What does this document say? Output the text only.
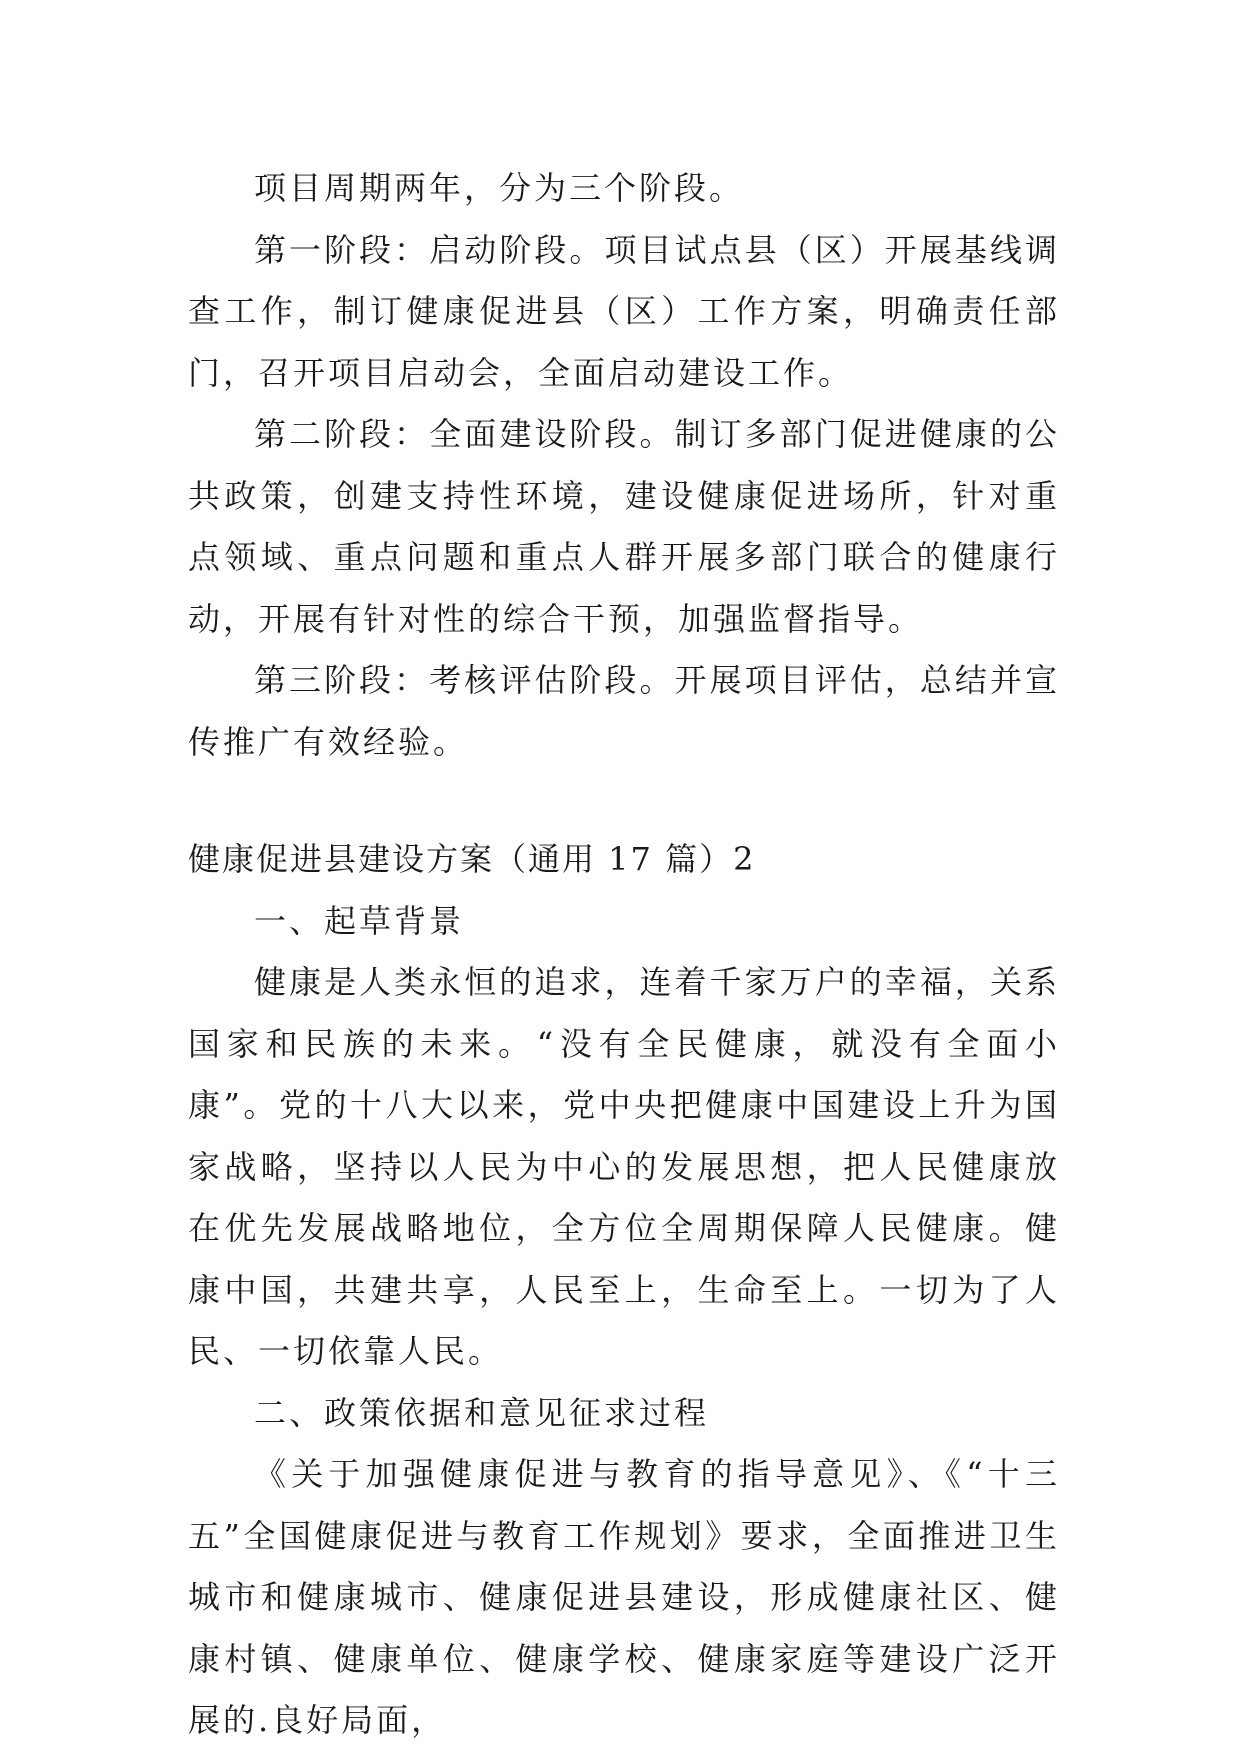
项目周期两年，分为三个阶段。

第一阶段：启动阶段。项目试点县（区）开展基线调查工作，制订健康促进县（区）工作方案，明确责任部门，召开项目启动会，全面启动建设工作。

第二阶段：全面建设阶段。制订多部门促进健康的公共政策，创建支持性环境，建设健康促进场所，针对重点领域、重点问题和重点人群开展多部门联合的健康行动，开展有针对性的综合干预，加强监督指导。

第三阶段：考核评估阶段。开展项目评估，总结并宣传推广有效经验。

健康促进县建设方案（通用 17 篇）2

一、起草背景

健康是人类永恒的追求，连着千家万户的幸福，关系国家和民族的未来。“没有全民健康，就没有全面小康”。党的十八大以来，党中央把健康中国建设上升为国家战略，坚持以人民为中心的发展思想，把人民健康放在优先发展战略地位，全方位全周期保障人民健康。健康中国，共建共享，人民至上，生命至上。一切为了人民、一切依靠人民。

二、政策依据和意见征求过程

《关于加强健康促进与教育的指导意见》、《“十三五”全国健康促进与教育工作规划》要求，全面推进卫生城市和健康城市、健康促进县建设，形成健康社区、健康村镇、健康单位、健康学校、健康家庭等建设广泛开展的.良好局面，
